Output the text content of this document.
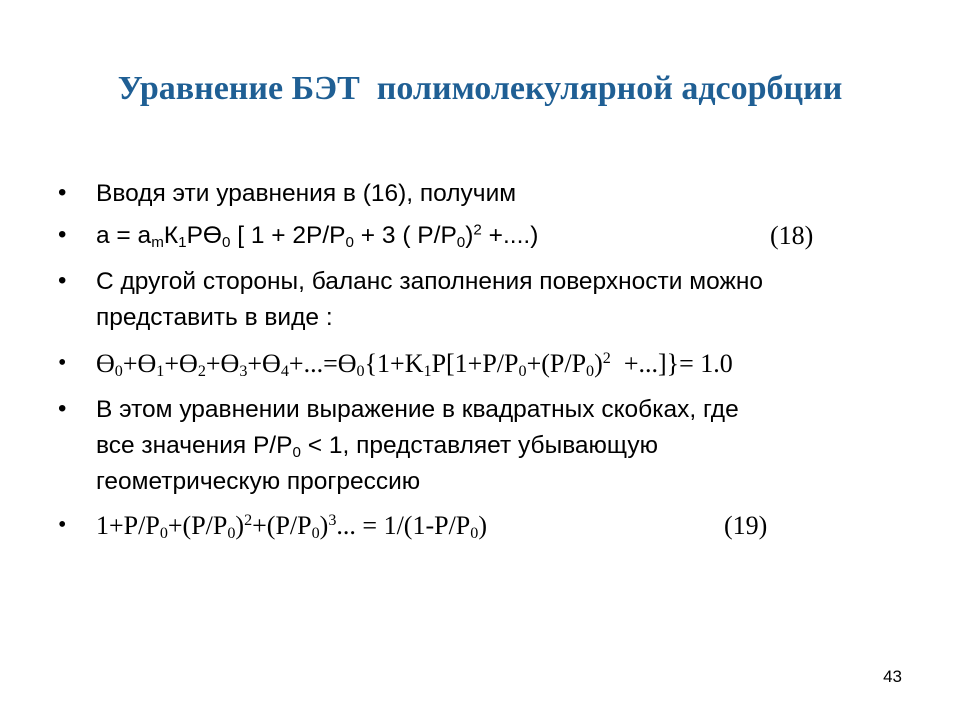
Уравнение БЭТ  полимолекулярной адсорбции
• Вводя эти уравнения в (16), получим
• $a = a_mК_1PӨ_0$ [ $1 + 2P/P_0 + 3$ ( $P/P_0)^2$ +....)	(18)
• С другой стороны, баланс заполнения поверхности можно
представить в виде :
• $Ө_0+Ө_1+Ө_2+Ө_3+Ө_4+...=Ө_0\{1+K_1P[1+P/P_0+(P/P_0)^2$  +...]}= 1.0
• В этом уравнении выражение в квадратных скобках, где
все значения $P/P_0 < 1$, представляет убывающую
геометрическую прогрессию
• $1+P/P_0+(P/P_0)^2+(P/P_0)^3$... = $1/(1-P/P_0)$	(19)
43
